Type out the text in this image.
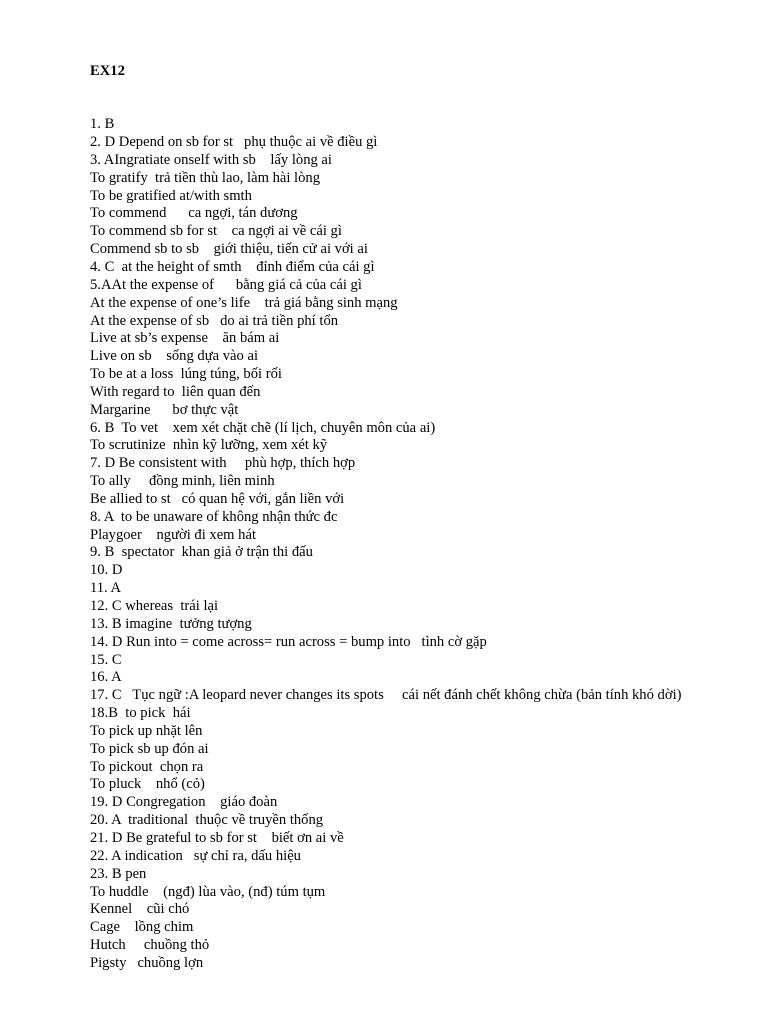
EX12

1. B
2. D Depend on sb for st   phụ thuộc ai về điều gì
3. AIngratiate onself with sb    lấy lòng ai
To gratify  trả tiền thù lao, làm hài lòng
To be gratified at/with smth
To commend      ca ngợi, tán dương
To commend sb for st    ca ngợi ai về cái gì
Commend sb to sb    giới thiệu, tiến cử ai với ai
4. C  at the height of smth    đỉnh điểm của cái gì
5.AAt the expense of      bằng giá cả của cái gì
At the expense of one’s life    trả giá bằng sinh mạng
At the expense of sb   do ai trả tiền phí tổn
Live at sb’s expense    ăn bám ai
Live on sb    sống dựa vào ai
To be at a loss  lúng túng, bối rối
With regard to  liên quan đến
Margarine      bơ thực vật
6. B  To vet    xem xét chặt chẽ (lí lịch, chuyên môn của ai)
To scrutinize  nhìn kỹ lưỡng, xem xét kỹ
7. D Be consistent with     phù hợp, thích hợp
To ally     đồng minh, liên minh
Be allied to st   có quan hệ với, gắn liền với
8. A  to be unaware of không nhận thức đc
Playgoer    người đi xem hát
9. B  spectator  khan giả ở trận thi đấu
10. D
11. A
12. C whereas  trái lại
13. B imagine  tưởng tượng
14. D Run into = come across= run across = bump into   tình cờ gặp
15. C
16. A
17. C   Tục ngữ :A leopard never changes its spots     cái nết đánh chết không chừa (bản tính khó dời)
18.B  to pick  hái
To pick up nhặt lên
To pick sb up đón ai
To pickout  chọn ra
To pluck    nhổ (cỏ)
19. D Congregation    giáo đoàn
20. A  traditional  thuộc về truyền thống
21. D Be grateful to sb for st    biết ơn ai về
22. A indication   sự chỉ ra, dấu hiệu
23. B pen
To huddle    (ngđ) lùa vào, (nđ) túm tụm
Kennel    cũi chó
Cage    lồng chim
Hutch     chuồng thỏ
Pigsty   chuồng lợn
